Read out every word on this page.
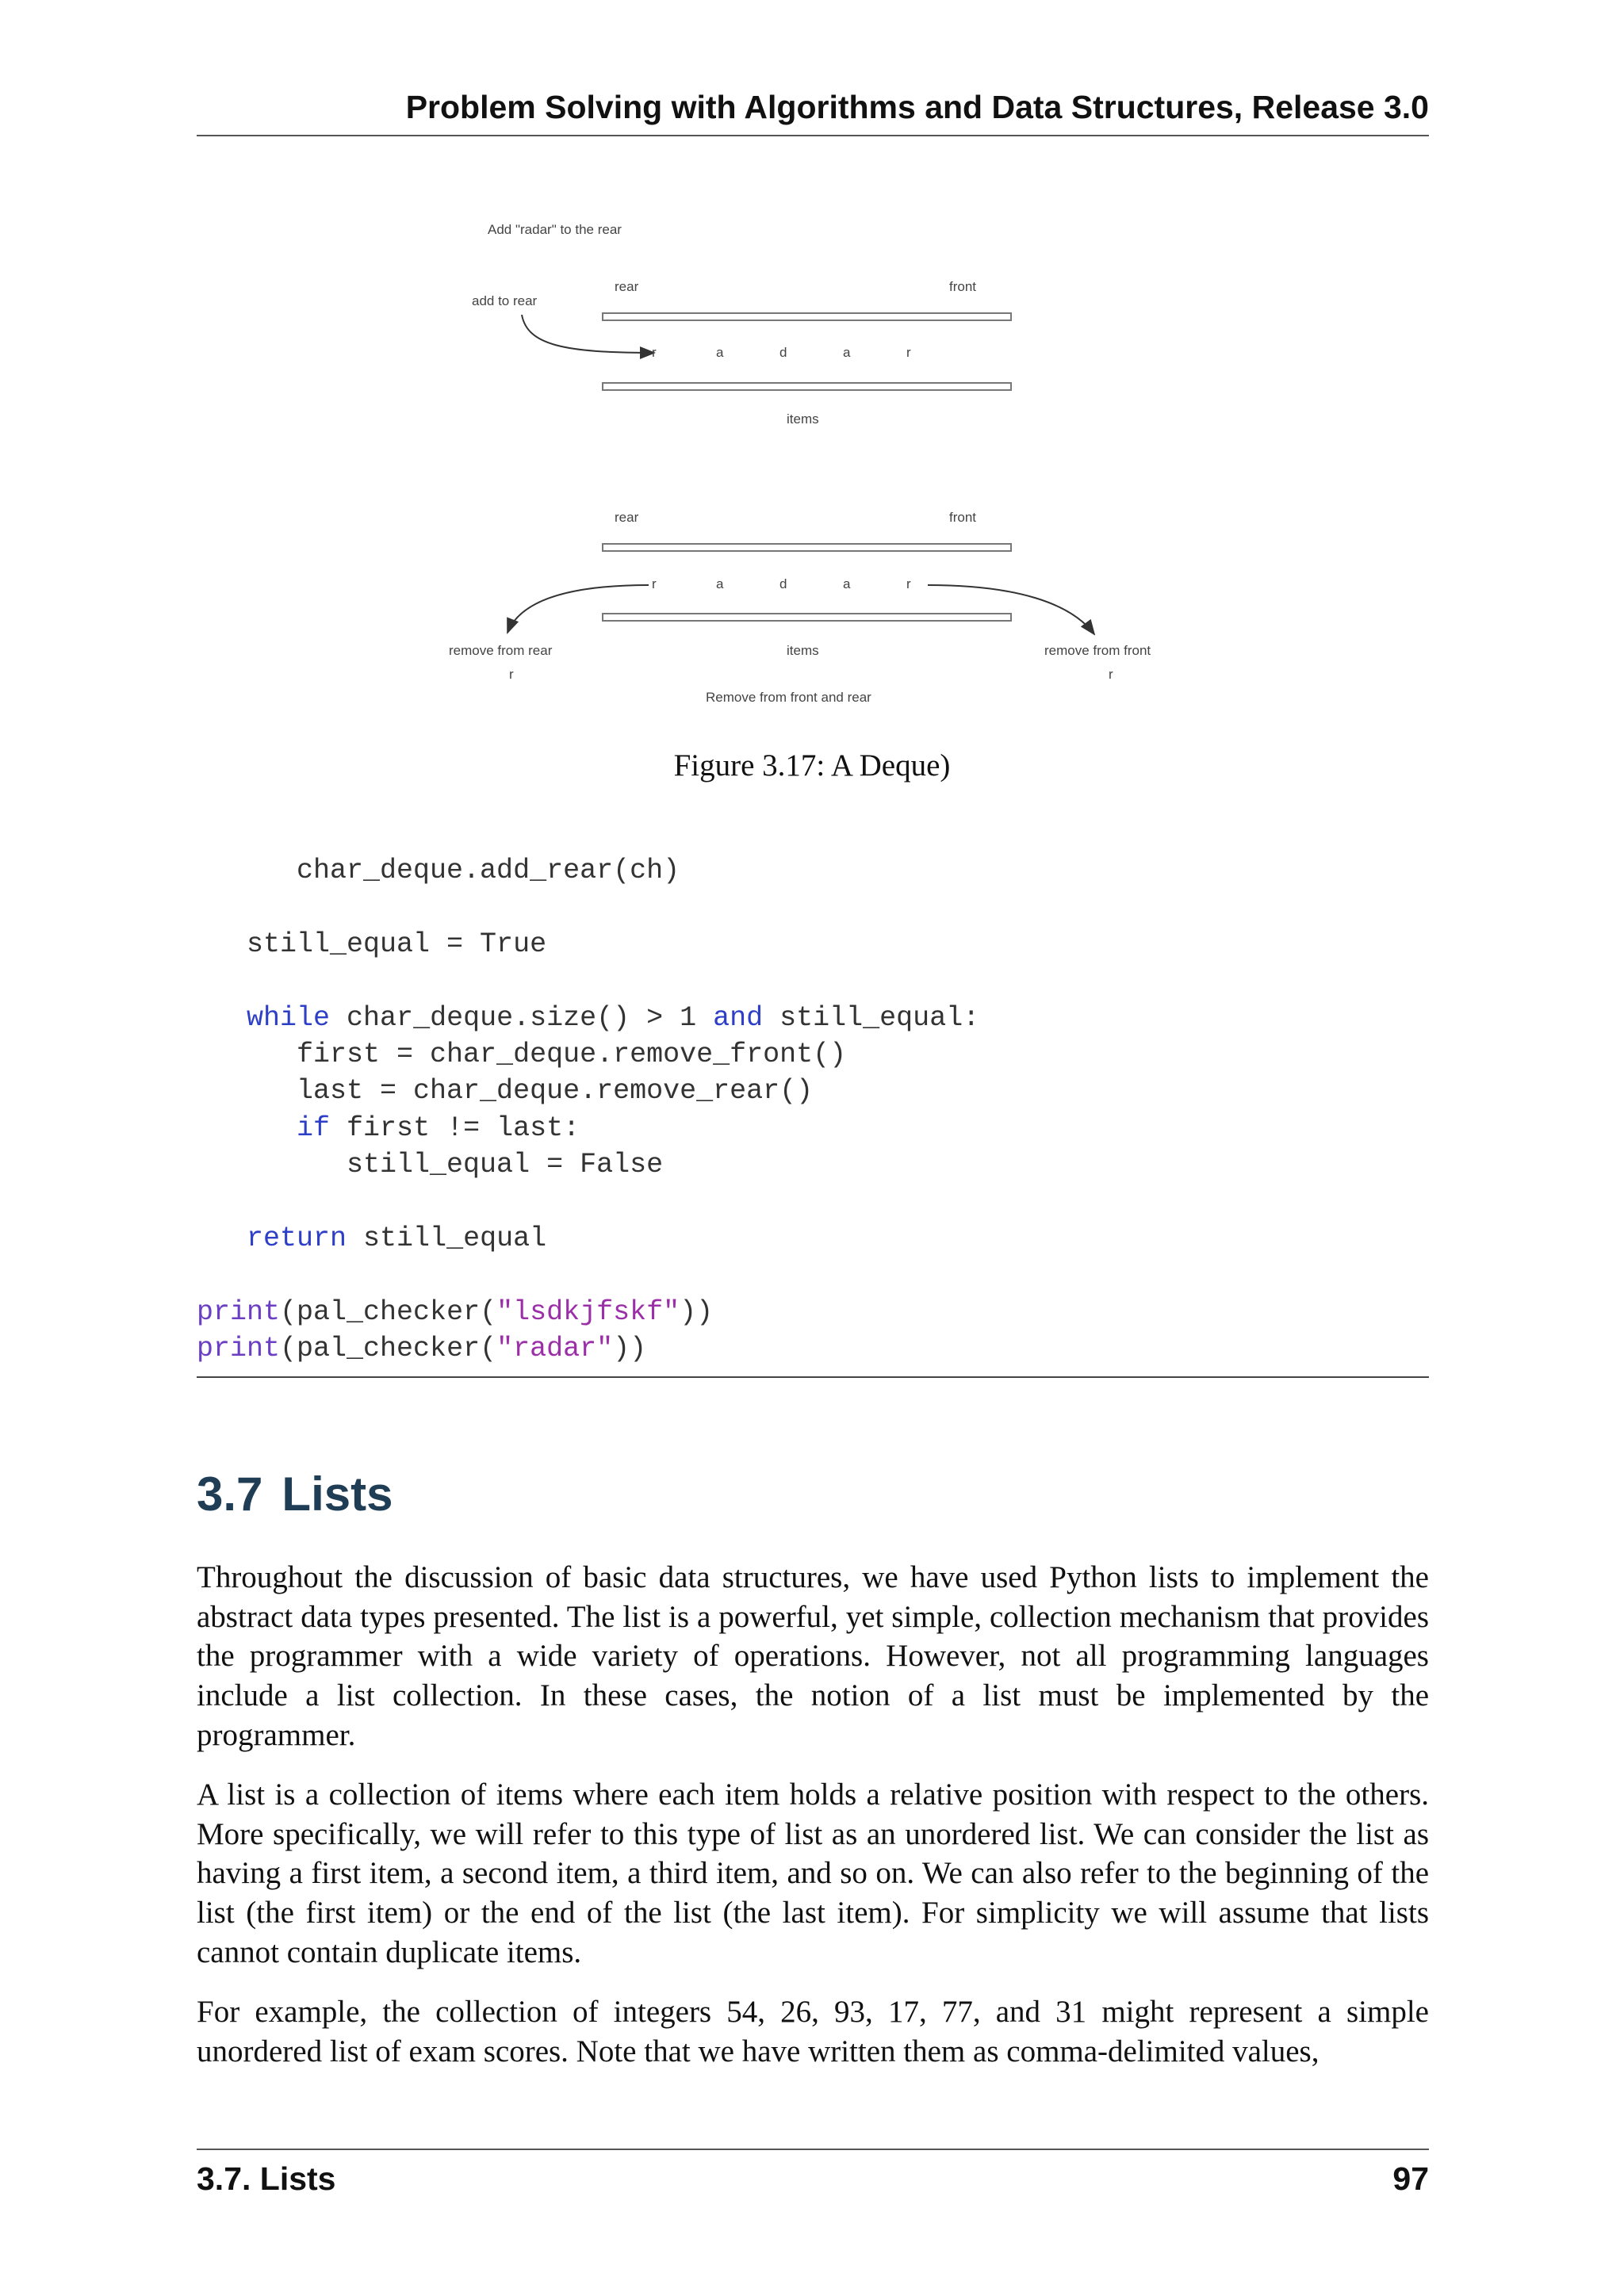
Problem Solving with Algorithms and Data Structures, Release 3.0
Add "radar" to the rear
add to rear
rear	front
r	a	d	a	r
items
rear	front
r	a	d	a	r
items
remove from rear	remove from front
r	r
Remove from front and rear
Figure 3.17: A Deque)
char_deque.add_rear(ch)
still_equal = True
while char_deque.size() > 1 and still_equal:
first = char_deque.remove_front()
last = char_deque.remove_rear()
if first != last:
still_equal = False
return still_equal
print(pal_checker("lsdkjfskf"))
print(pal_checker("radar"))
3.7 Lists

Throughout the discussion of basic data structures, we have used Python lists to implement the abstract data types presented. The list is a powerful, yet simple, collection mechanism that provides the programmer with a wide variety of operations. However, not all programming languages include a list collection. In these cases, the notion of a list must be implemented by the programmer.

A list is a collection of items where each item holds a relative position with respect to the others. More specifically, we will refer to this type of list as an unordered list. We can consider the list as having a first item, a second item, a third item, and so on. We can also refer to the beginning of the list (the first item) or the end of the list (the last item). For simplicity we will assume that lists cannot contain duplicate items.

For example, the collection of integers 54, 26, 93, 17, 77, and 31 might represent a simple unordered list of exam scores. Note that we have written them as comma-delimited values,

3.7. Lists	97
